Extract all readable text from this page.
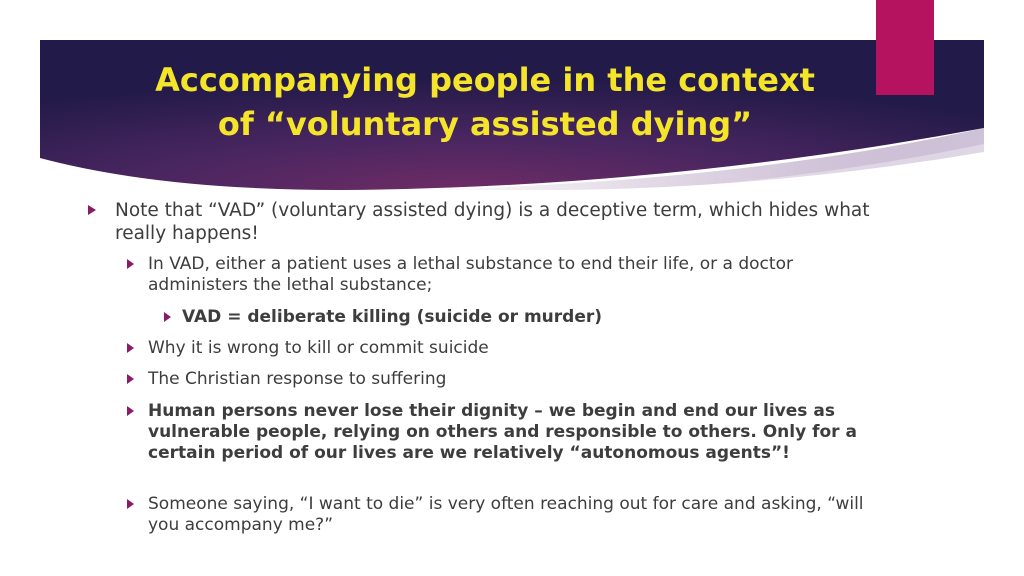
Accompanying people in the context
of “voluntary assisted dying”
Note that “VAD” (voluntary assisted dying) is a deceptive term, which hides what really happens!
In VAD, either a patient uses a lethal substance to end their life, or a doctor administers the lethal substance;
VAD = deliberate killing (suicide or murder)
Why it is wrong to kill or commit suicide
The Christian response to suffering
Human persons never lose their dignity – we begin and end our lives as vulnerable people, relying on others and responsible to others. Only for a certain period of our lives are we relatively “autonomous agents”!
Someone saying, “I want to die” is very often reaching out for care and asking, “will you accompany me?”
